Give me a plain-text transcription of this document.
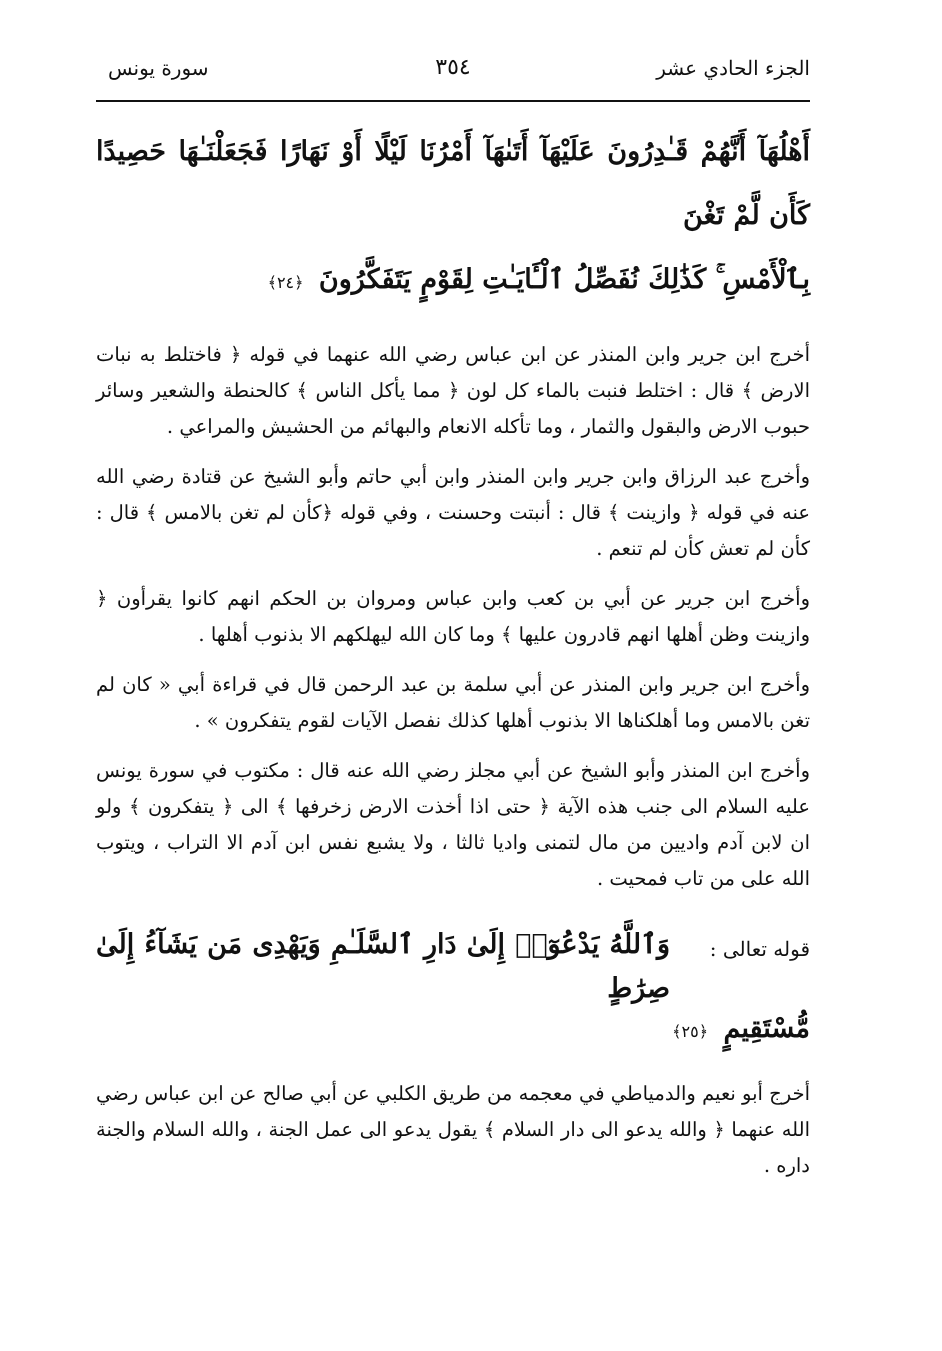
الجزء الحادي عشر
٣٥٤
سورة يونس
أَهْلُهَآ أَنَّهُمْ قَـٰدِرُونَ عَلَيْهَآ أَتَىٰهَآ أَمْرُنَا لَيْلًا أَوْ نَهَارًا فَجَعَلْنَـٰهَا حَصِيدًا كَأَن لَّمْ تَغْنَ
بِٱلْأَمْسِ ۚ كَذَٰلِكَ نُفَصِّلُ ٱلْـَٔايَـٰتِ لِقَوْمٍ يَتَفَكَّرُونَ ﴿٢٤﴾

أخرج ابن جرير وابن المنذر عن ابن عباس رضي الله عنهما في قوله ﴿ فاختلط به نبات الارض ﴾ قال : اختلط فنبت بالماء كل لون ﴿ مما يأكل الناس ﴾ كالحنطة والشعير وسائر حبوب الارض والبقول والثمار ، وما تأكله الانعام والبهائم من الحشيش والمراعي .

وأخرج عبد الرزاق وابن جرير وابن المنذر وابن أبي حاتم وأبو الشيخ عن قتادة رضي الله عنه في قوله ﴿ وازينت ﴾ قال : أنبتت وحسنت ، وفي قوله ﴿كأن لم تغن بالامس ﴾ قال : كأن لم تعش كأن لم تنعم .

وأخرج ابن جرير عن أبي بن كعب وابن عباس ومروان بن الحكم انهم كانوا يقرأون ﴿ وازينت وظن أهلها انهم قادرون عليها ﴾ وما كان الله ليهلكهم الا بذنوب أهلها .

وأخرج ابن جرير وابن المنذر عن أبي سلمة بن عبد الرحمن قال في قراءة أبي « كان لم تغن بالامس وما أهلكناها الا بذنوب أهلها كذلك نفصل الآيات لقوم يتفكرون » .

وأخرج ابن المنذر وأبو الشيخ عن أبي مجلز رضي الله عنه قال : مكتوب في سورة يونس عليه السلام الى جنب هذه الآية ﴿ حتى اذا أخذت الارض زخرفها ﴾ الى ﴿ يتفكرون ﴾ ولو ان لابن آدم واديين من مال لتمنى واديا ثالثا ، ولا يشبع نفس ابن آدم الا التراب ، ويتوب الله على من تاب فمحيت .

قوله تعالى :
وَٱللَّهُ يَدْعُوٓا۟ إِلَىٰ دَارِ ٱلسَّلَـٰمِ وَيَهْدِى مَن يَشَآءُ إِلَىٰ صِرَٰطٍ
مُّسْتَقِيمٍ ﴿٢٥﴾

أخرج أبو نعيم والدمياطي في معجمه من طريق الكلبي عن أبي صالح عن ابن عباس رضي الله عنهما ﴿ والله يدعو الى دار السلام ﴾ يقول يدعو الى عمل الجنة ، والله السلام والجنة داره .
